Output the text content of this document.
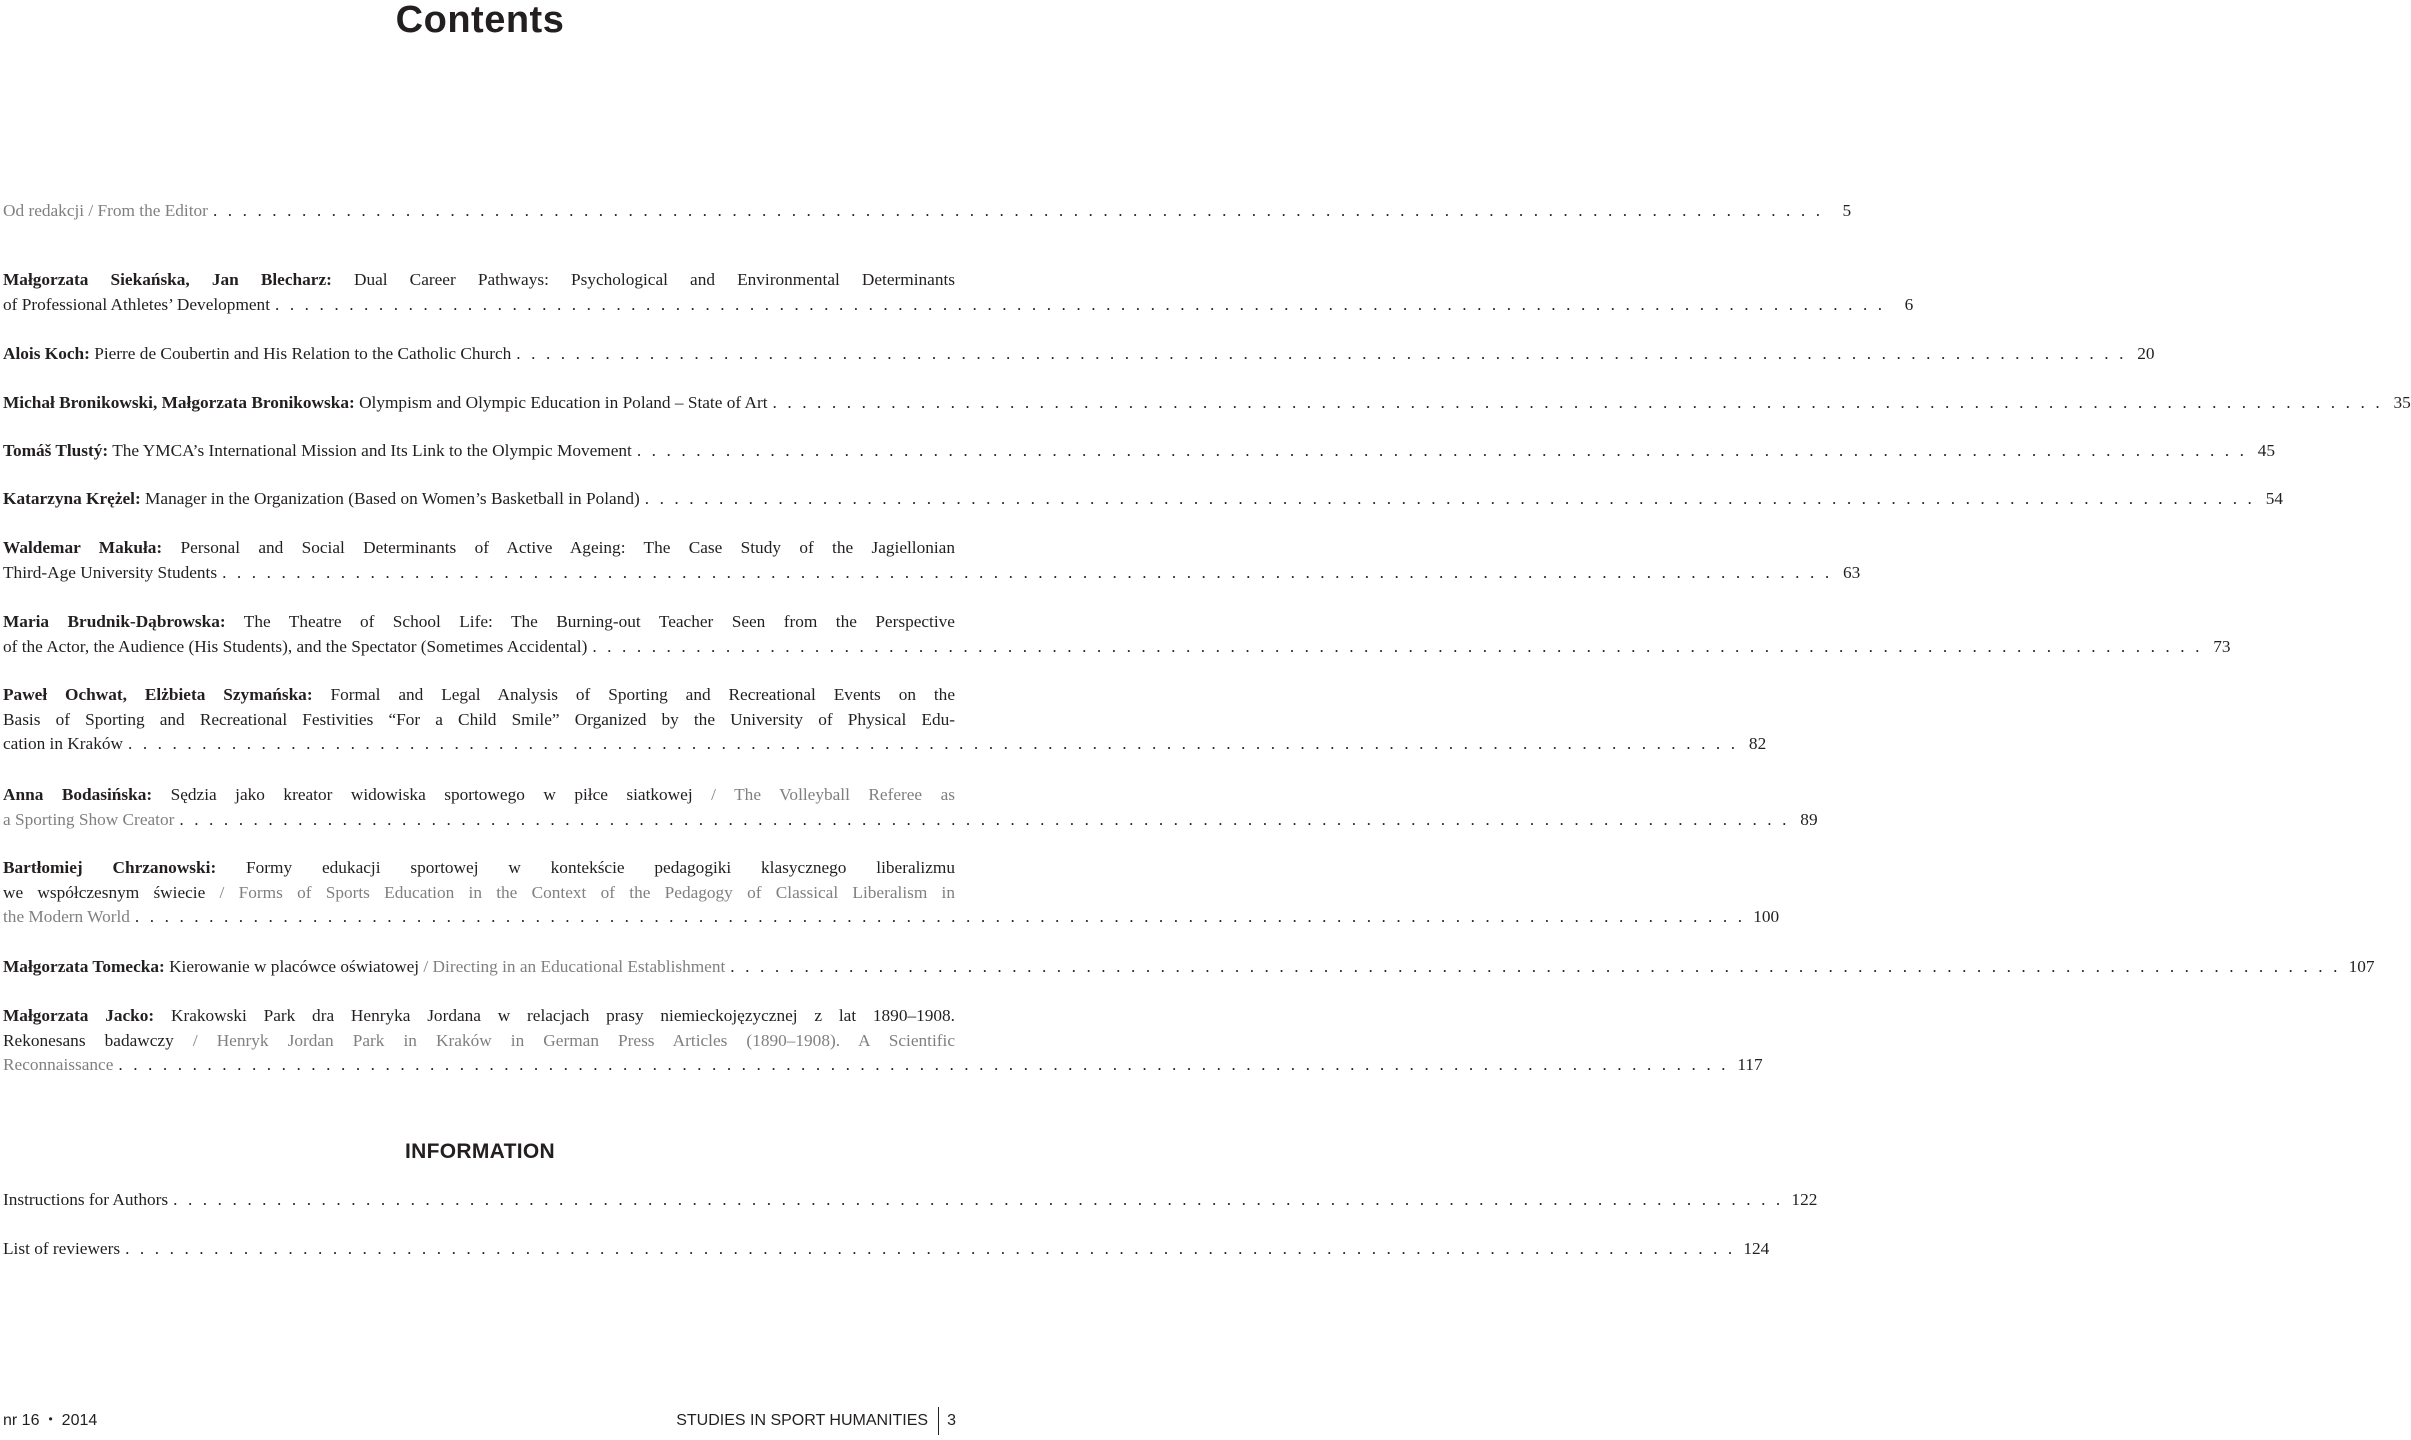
Contents
Od redakcji / From the Editor . . . . . . . . . . . . . . . . . . . . . . . . . . . . . . . . . . . . . . . . . . . . . . . . . . . . . . . . . . . . . . . . . . . . . . . . . . . . . . . . . . . . . . . . . . . . . . . . . . . . . . . . . . . . .	5
Małgorzata Siekańska, Jan Blecharz: Dual Career Pathways: Psychological and Environmental Determinants
of Professional Athletes’ Development . . . . . . . . . . . . . . . . . . . . . . . . . . . . . . . . . . . . . . . . . . . . . . . . . . . . . . . . . . . . . . . . . . . . . . . . . . . . . . . . . . . . . . . . . . . . . . . . . . . . . . . . . . . . .	6
Alois Koch: Pierre de Coubertin and His Relation to the Catholic Church . . . . . . . . . . . . . . . . . . . . . . . . . . . . . . . . . . . . . . . . . . . . . . . . . . . . . . . . . . . . . . . . . . . . . . . . . . . . . . . . . . . . . . . . . . . . . . . . . . . . . . . . . . . . . 20
Michał Bronikowski, Małgorzata Bronikowska: Olympism and Olympic Education in Poland – State of Art . . . . . . . . . . . . . . . . . . . . . . . . . . . . . . . . . . . . . . . . . . . . . . . . . . . . . . . . . . . . . . . . . . . . . . . . . . . . . . . . . . . . . . . . . . . . . . . . . . . . . . . . . . . . . 35
Tomáš Tlustý: The YMCA’s International Mission and Its Link to the Olympic Movement . . . . . . . . . . . . . . . . . . . . . . . . . . . . . . . . . . . . . . . . . . . . . . . . . . . . . . . . . . . . . . . . . . . . . . . . . . . . . . . . . . . . . . . . . . . . . . . . . . . . . . . . . . . . . 45
Katarzyna Krężel: Manager in the Organization (Based on Women’s Basketball in Poland) . . . . . . . . . . . . . . . . . . . . . . . . . . . . . . . . . . . . . . . . . . . . . . . . . . . . . . . . . . . . . . . . . . . . . . . . . . . . . . . . . . . . . . . . . . . . . . . . . . . . . . . . . . . . . 54
Waldemar Makuła: Personal and Social Determinants of Active Ageing: The Case Study of the Jagiellonian
Third-Age University Students . . . . . . . . . . . . . . . . . . . . . . . . . . . . . . . . . . . . . . . . . . . . . . . . . . . . . . . . . . . . . . . . . . . . . . . . . . . . . . . . . . . . . . . . . . . . . . . . . . . . . . . . . . . . . 63
Maria Brudnik-Dąbrowska: The Theatre of School Life: The Burning-out Teacher Seen from the Perspective
of the Actor, the Audience (His Students), and the Spectator (Sometimes Accidental) . . . . . . . . . . . . . . . . . . . . . . . . . . . . . . . . . . . . . . . . . . . . . . . . . . . . . . . . . . . . . . . . . . . . . . . . . . . . . . . . . . . . . . . . . . . . . . . . . . . . . . . . . . . . . 73
Paweł Ochwat, Elżbieta Szymańska: Formal and Legal Analysis of Sporting and Recreational Events on the
Basis of Sporting and Recreational Festivities “For a Child Smile” Organized by the University of Physical Edu-
cation in Kraków . . . . . . . . . . . . . . . . . . . . . . . . . . . . . . . . . . . . . . . . . . . . . . . . . . . . . . . . . . . . . . . . . . . . . . . . . . . . . . . . . . . . . . . . . . . . . . . . . . . . . . . . . . . . . 82
Anna Bodasińska: Sędzia jako kreator widowiska sportowego w piłce siatkowej / The Volleyball Referee as
a Sporting Show Creator . . . . . . . . . . . . . . . . . . . . . . . . . . . . . . . . . . . . . . . . . . . . . . . . . . . . . . . . . . . . . . . . . . . . . . . . . . . . . . . . . . . . . . . . . . . . . . . . . . . . . . . . . . . . . 89
Bartłomiej Chrzanowski: Formy edukacji sportowej w kontekście pedagogiki klasycznego liberalizmu
we współczesnym świecie / Forms of Sports Education in the Context of the Pedagogy of Classical Liberalism in
the Modern World . . . . . . . . . . . . . . . . . . . . . . . . . . . . . . . . . . . . . . . . . . . . . . . . . . . . . . . . . . . . . . . . . . . . . . . . . . . . . . . . . . . . . . . . . . . . . . . . . . . . . . . . . . . . . 100
Małgorzata Tomecka: Kierowanie w placówce oświatowej / Directing in an Educational Establishment . . . . . . . . . . . . . . . . . . . . . . . . . . . . . . . . . . . . . . . . . . . . . . . . . . . . . . . . . . . . . . . . . . . . . . . . . . . . . . . . . . . . . . . . . . . . . . . . . . . . . . . . . . . . . 107
Małgorzata Jacko: Krakowski Park dra Henryka Jordana w relacjach prasy niemieckojęzycznej z lat 1890–1908.
Rekonesans badawczy / Henryk Jordan Park in Kraków in German Press Articles (1890–1908). A Scientific
Reconnaissance . . . . . . . . . . . . . . . . . . . . . . . . . . . . . . . . . . . . . . . . . . . . . . . . . . . . . . . . . . . . . . . . . . . . . . . . . . . . . . . . . . . . . . . . . . . . . . . . . . . . . . . . . . . . . 117
INFORMATION
Instructions for Authors . . . . . . . . . . . . . . . . . . . . . . . . . . . . . . . . . . . . . . . . . . . . . . . . . . . . . . . . . . . . . . . . . . . . . . . . . . . . . . . . . . . . . . . . . . . . . . . . . . . . . . . . . . . . . 122
List of reviewers . . . . . . . . . . . . . . . . . . . . . . . . . . . . . . . . . . . . . . . . . . . . . . . . . . . . . . . . . . . . . . . . . . . . . . . . . . . . . . . . . . . . . . . . . . . . . . . . . . . . . . . . . . . . . 124
nr 16 • 2014	STUDIES IN SPORT HUMANITIES	3
